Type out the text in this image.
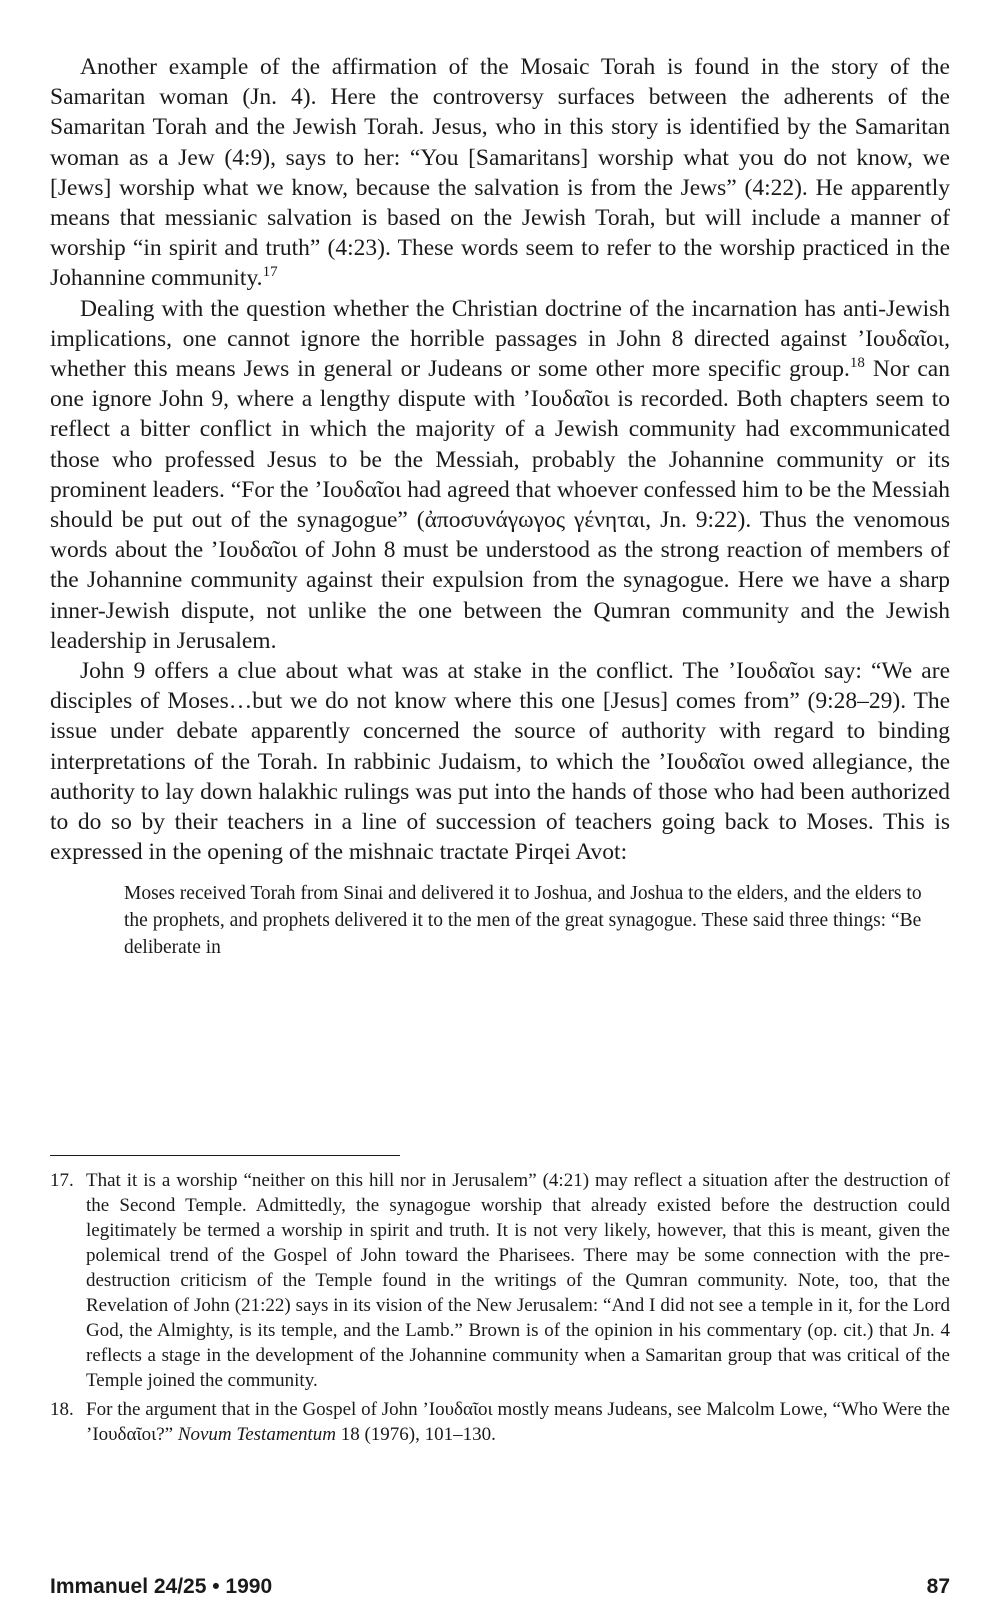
Another example of the affirmation of the Mosaic Torah is found in the story of the Samaritan woman (Jn. 4). Here the controversy surfaces between the adherents of the Samaritan Torah and the Jewish Torah. Jesus, who in this story is identified by the Samaritan woman as a Jew (4:9), says to her: “You [Samaritans] worship what you do not know, we [Jews] worship what we know, because the salvation is from the Jews” (4:22). He apparently means that messianic salvation is based on the Jewish Torah, but will include a manner of worship “in spirit and truth” (4:23). These words seem to refer to the worship practiced in the Johannine community.$^{17}$

Dealing with the question whether the Christian doctrine of the incarnation has anti-Jewish implications, one cannot ignore the horrible passages in John 8 directed against ’Ιουδαῖοι, whether this means Jews in general or Judeans or some other more specific group.$^{18}$ Nor can one ignore John 9, where a lengthy dispute with ’Ιουδαῖοι is recorded. Both chapters seem to reflect a bitter conflict in which the majority of a Jewish community had excommunicated those who professed Jesus to be the Messiah, probably the Johannine community or its prominent leaders. “For the ’Ιουδαῖοι had agreed that whoever confessed him to be the Messiah should be put out of the synagogue” (ἀποσυνάγωγος γένηται, Jn. 9:22). Thus the venomous words about the ’Ιουδαῖοι of John 8 must be understood as the strong reaction of members of the Johannine community against their expulsion from the synagogue. Here we have a sharp inner-Jewish dispute, not unlike the one between the Qumran community and the Jewish leadership in Jerusalem.

John 9 offers a clue about what was at stake in the conflict. The ’Ιουδαῖοι say: “We are disciples of Moses…but we do not know where this one [Jesus] comes from” (9:28–29). The issue under debate apparently concerned the source of authority with regard to binding interpretations of the Torah. In rabbinic Judaism, to which the ’Ιουδαῖοι owed allegiance, the authority to lay down halakhic rulings was put into the hands of those who had been authorized to do so by their teachers in a line of succession of teachers going back to Moses. This is expressed in the opening of the mishnaic tractate Pirqei Avot:

Moses received Torah from Sinai and delivered it to Joshua, and Joshua to the elders, and the elders to the prophets, and prophets delivered it to the men of the great synagogue. These said three things: “Be deliberate in

17. That it is a worship “neither on this hill nor in Jerusalem” (4:21) may reflect a situation after the destruction of the Second Temple. Admittedly, the synagogue worship that already existed before the destruction could legitimately be termed a worship in spirit and truth. It is not very likely, however, that this is meant, given the polemical trend of the Gospel of John toward the Pharisees. There may be some connection with the pre-destruction criticism of the Temple found in the writings of the Qumran community. Note, too, that the Revelation of John (21:22) says in its vision of the New Jerusalem: “And I did not see a temple in it, for the Lord God, the Almighty, is its temple, and the Lamb.” Brown is of the opinion in his commentary (op. cit.) that Jn. 4 reflects a stage in the development of the Johannine community when a Samaritan group that was critical of the Temple joined the community.
18. For the argument that in the Gospel of John ’Ιουδαῖοι mostly means Judeans, see Malcolm Lowe, “Who Were the ’Ιουδαῖοι?” Novum Testamentum 18 (1976), 101–130.
Immanuel 24/25 • 1990	87
